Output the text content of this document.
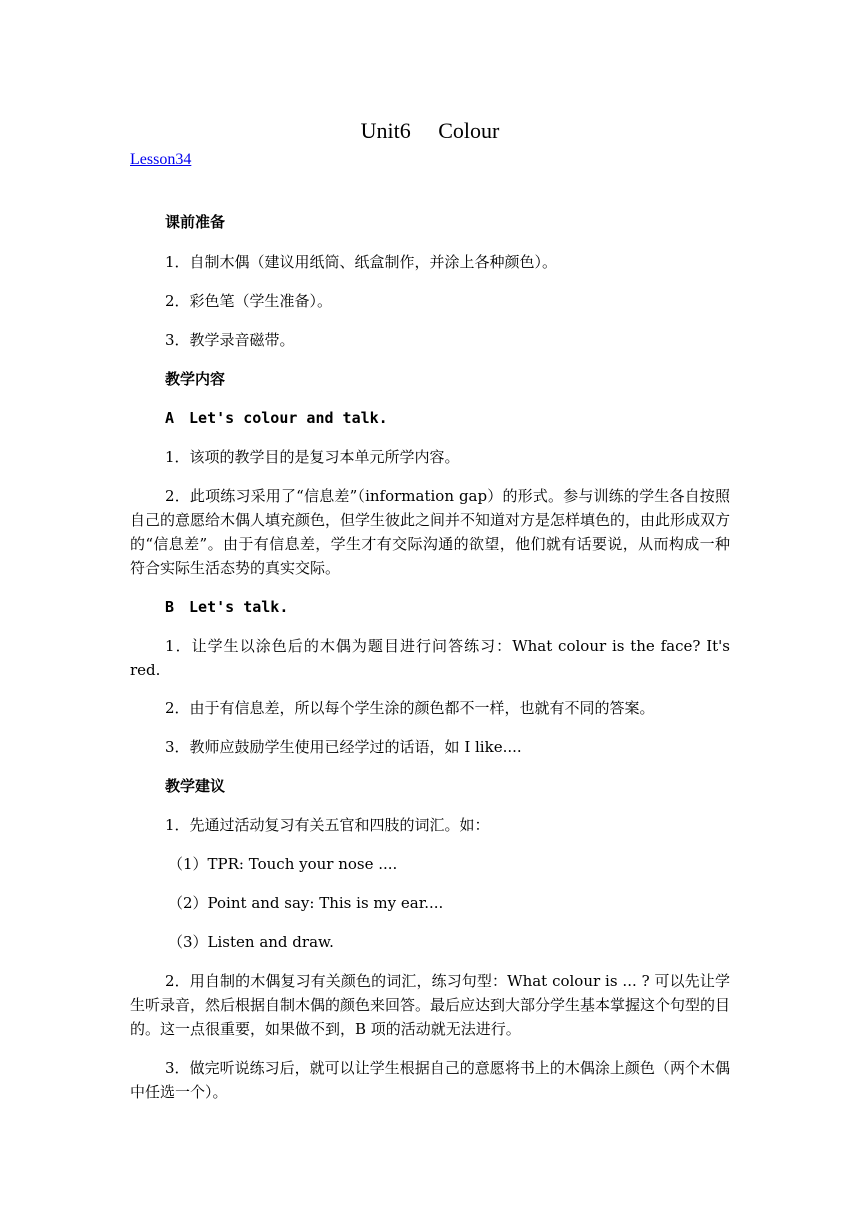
Unit6　 Colour
Lesson34
课前准备
1．自制木偶（建议用纸筒、纸盒制作，并涂上各种颜色）。
2．彩色笔（学生准备）。
3．教学录音磁带。
教学内容
A　Let's colour and talk.
1．该项的教学目的是复习本单元所学内容。
2．此项练习采用了“信息差”（information gap）的形式。参与训练的学生各自按照自己的意愿给木偶人填充颜色，但学生彼此之间并不知道对方是怎样填色的，由此形成双方的“信息差”。由于有信息差，学生才有交际沟通的欲望，他们就有话要说，从而构成一种符合实际生活态势的真实交际。
B　Let's talk.
1．让学生以涂色后的木偶为题目进行问答练习：What colour is the face? It's red.
2．由于有信息差，所以每个学生涂的颜色都不一样，也就有不同的答案。
3．教师应鼓励学生使用已经学过的话语，如 I like....
教学建议
1．先通过活动复习有关五官和四肢的词汇。如：
（1）TPR: Touch your nose ....
（2）Point and say: This is my ear....
（3）Listen and draw.
2．用自制的木偶复习有关颜色的词汇，练习句型：What colour is ... ? 可以先让学生听录音，然后根据自制木偶的颜色来回答。最后应达到大部分学生基本掌握这个句型的目的。这一点很重要，如果做不到，B 项的活动就无法进行。
3．做完听说练习后，就可以让学生根据自己的意愿将书上的木偶涂上颜色（两个木偶中任选一个）。
